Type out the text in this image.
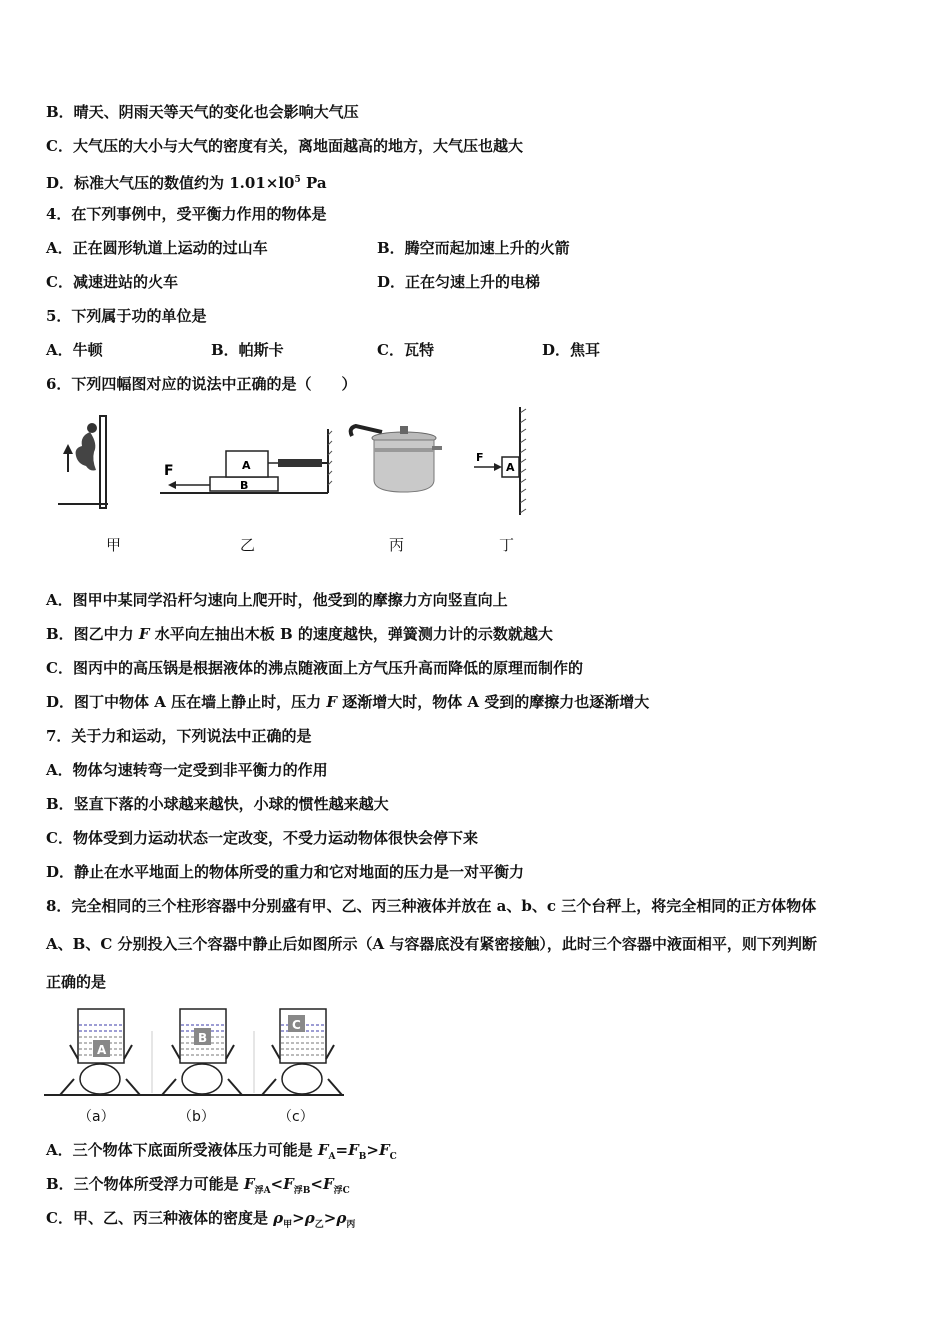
B．晴天、阴雨天等天气的变化也会影响大气压
C．大气压的大小与大气的密度有关，离地面越高的地方，大气压也越大
D．标准大气压的数值约为 $1.01\times l0^5$ Pa
4．在下列事例中，受平衡力作用的物体是
A．正在圆形轨道上运动的过山车	B．腾空而起加速上升的火箭
C．减速进站的火车	D．正在匀速上升的电梯
5．下列属于功的单位是
A．牛顿	B．帕斯卡	C．瓦特	D．焦耳
6．下列四幅图对应的说法中正确的是（　　）
F	A
B
F
A
甲	乙	丙	丁
A．图甲中某同学沿杆匀速向上爬开时，他受到的摩擦力方向竖直向上
B．图乙中力 F 水平向左抽出木板 B 的速度越快，弹簧测力计的示数就越大
C．图丙中的高压锅是根据液体的沸点随液面上方气压升高而降低的原理而制作的
D．图丁中物体 A 压在墙上静止时，压力 F 逐渐增大时，物体 A 受到的摩擦力也逐渐增大
7．关于力和运动，下列说法中正确的是
A．物体匀速转弯一定受到非平衡力的作用
B．竖直下落的小球越来越快，小球的惯性越来越大
C．物体受到力运动状态一定改变，不受力运动物体很快会停下来
D．静止在水平地面上的物体所受的重力和它对地面的压力是一对平衡力
8．完全相同的三个柱形容器中分别盛有甲、乙、丙三种液体并放在 a、b、c 三个台秤上，将完全相同的正方体物体
A、B、C 分别投入三个容器中静止后如图所示（A 与容器底没有紧密接触），此时三个容器中液面相平，则下列判断
正确的是
A
B
C
（a）	（b）	（c）
A．三个物体下底面所受液体压力可能是 $F_A=F_B>F_C$
B．三个物体所受浮力可能是 $F_{浮A}<F_{浮B}<F_{浮C}$
C．甲、乙、丙三种液体的密度是 $\rho_甲>\rho_乙>\rho_丙$
